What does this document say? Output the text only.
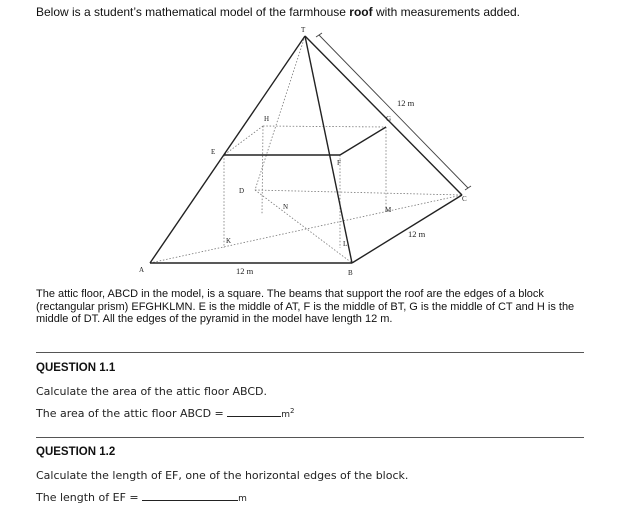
Below is a student’s mathematical model of the farmhouse roof with measurements added.

T
A	B
C
D
E
F
G
H
K	L
M
N
12 m
12 m
12 m

The attic floor, ABCD in the model, is a square. The beams that support the roof are the edges of a block (rectangular prism) EFGHKLMN. E is the middle of AT, F is the middle of BT, G is the middle of CT and H is the middle of DT. All the edges of the pyramid in the model have length 12 m.

QUESTION 1.1

Calculate the area of the attic floor ABCD.

The area of the attic floor ABCD =	$m^2$

QUESTION 1.2

Calculate the length of EF, one of the horizontal edges of the block.

The length of EF =	m
